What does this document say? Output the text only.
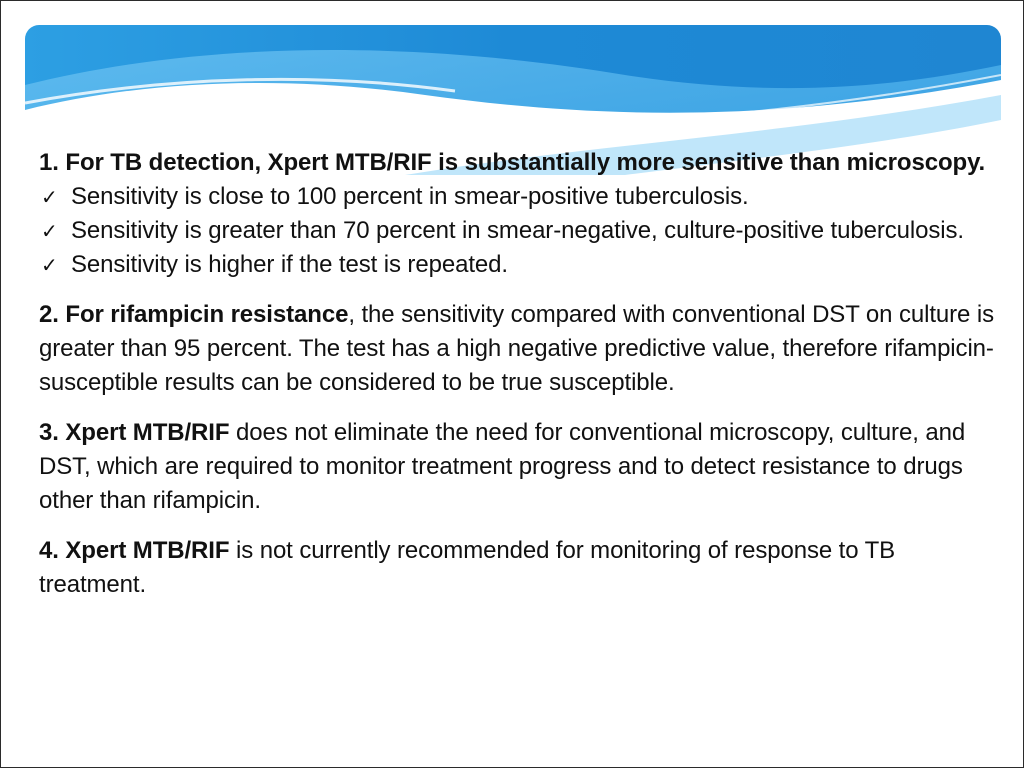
1. For TB detection, Xpert MTB/RIF is substantially more sensitive than microscopy.

✓ Sensitivity is close to 100 percent in smear-positive tuberculosis.
✓ Sensitivity is greater than 70 percent in smear-negative, culture-positive tuberculosis.
✓ Sensitivity is higher if the test is repeated.

2. For rifampicin resistance, the sensitivity compared with conventional DST on culture is greater than 95 percent. The test has a high negative predictive value, therefore rifampicin-susceptible results can be considered to be true susceptible.

3. Xpert MTB/RIF does not eliminate the need for conventional microscopy, culture, and DST, which are required to monitor treatment progress and to detect resistance to drugs other than rifampicin.

4. Xpert MTB/RIF is not currently recommended for monitoring of response to TB treatment.
